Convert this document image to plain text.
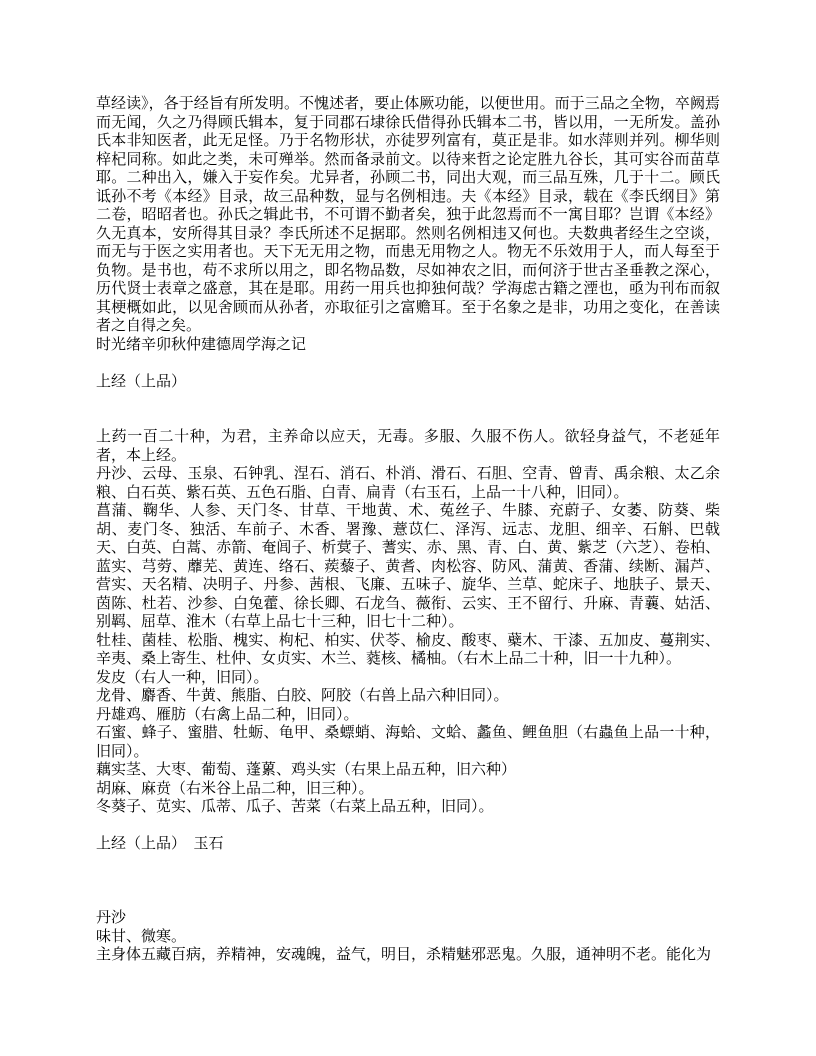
草经读》，各于经旨有所发明。不愧述者，要止体厥功能，以便世用。而于三品之全物，卒阙焉而无闻，久之乃得顾氏辑本，复于同郡石埭徐氏借得孙氏辑本二书，皆以用，一无所发。盖孙氏本非知医者，此无足怪。乃于名物形状，亦徒罗列富有，莫正是非。如水萍则并列。柳华则梓杞同称。如此之类，未可殚举。然而备录前文。以待来哲之论定胜九谷长，其可实谷而苗草耶。二种出入，嫌入于妄作矣。尤异者，孙顾二书，同出大观，而三品互殊，几于十二。顾氏诋孙不考《本经》目录，故三品种数，显与名例相违。夫《本经》目录，载在《李氏纲目》第二卷，昭昭者也。孙氏之辑此书，不可谓不勤者矣，独于此忽焉而不一寓目耶？岂谓《本经》久无真本，安所得其目录？李氏所述不足据耶。然则名例相违又何也。夫数典者经生之空谈，而无与于医之实用者也。天下无无用之物，而患无用物之人。物无不乐效用于人，而人每至于负物。是书也，苟不求所以用之，即名物品数，尽如神农之旧，而何济于世古圣垂教之深心，历代贤士表章之盛意，其在是耶。用药一用兵也抑独何哉？学海虑古籍之湮也，亟为刊布而叙其梗概如此，以见舍顾而从孙者，亦取征引之富赡耳。至于名象之是非，功用之变化，在善读者之自得之矣。
时光绪辛卯秋仲建德周学海之记
上经（上品）
上药一百二十种，为君，主养命以应天，无毒。多服、久服不伤人。欲轻身益气，不老延年者，本上经。
丹沙、云母、玉泉、石钟乳、涅石、消石、朴消、滑石、石胆、空青、曾青、禹余粮、太乙余粮、白石英、紫石英、五色石脂、白青、扁青（右玉石，上品一十八种，旧同）。
菖蒲、鞠华、人参、天门冬、甘草、干地黄、术、菟丝子、牛膝、充蔚子、女萎、防葵、柴胡、麦门冬、独活、车前子、木香、署豫、薏苡仁、泽泻、远志、龙胆、细辛、石斛、巴戟天、白英、白蒿、赤箭、奄闾子、析蓂子、蓍实、赤、黑、青、白、黄、紫芝（六芝）、卷柏、蓝实、芎䓖、蘼芜、黄连、络石、蒺藜子、黄耆、肉松容、防风、蒲黄、香蒲、续断、漏芦、营实、天名精、决明子、丹参、茜根、飞廉、五味子、旋华、兰草、蛇床子、地肤子、景天、茵陈、杜若、沙参、白兔藿、徐长卿、石龙刍、薇衔、云实、王不留行、升麻、青蘘、姑活、别羁、屈草、淮木（右草上品七十三种，旧七十二种）。
牡桂、菌桂、松脂、槐实、枸杞、柏实、伏苓、榆皮、酸枣、蘗木、干漆、五加皮、蔓荆实、辛夷、桑上寄生、杜仲、女贞实、木兰、蕤核、橘柚。（右木上品二十种，旧一十九种）。
发皮（右人一种，旧同）。
龙骨、麝香、牛黄、熊脂、白胶、阿胶（右兽上品六种旧同）。
丹雄鸡、雁肪（右禽上品二种，旧同）。
石蜜、蜂子、蜜腊、牡蛎、龟甲、桑螵蛸、海蛤、文蛤、蠡鱼、鲤鱼胆（右蟲鱼上品一十种，旧同）。
藕实茎、大枣、葡萄、蓬蔂、鸡头实（右果上品五种，旧六种）
胡麻、麻贲（右米谷上品二种，旧三种）。
冬葵子、苋实、瓜蒂、瓜子、苦菜（右菜上品五种，旧同）。
上经（上品）　玉石
丹沙
味甘、微寒。
主身体五藏百病，养精神，安魂魄，益气，明目，杀精魅邪恶鬼。久服，通神明不老。能化为
